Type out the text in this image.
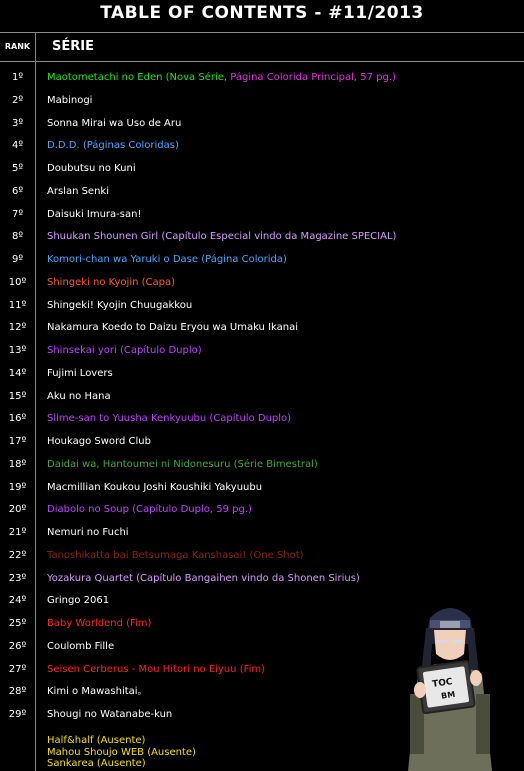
TABLE OF CONTENTS - #11/2013
RANK	SÉRIE
1º	Maotometachi no Eden (Nova Série, Página Colorida Principal, 57 pg.)
2º	Mabinogi
3º	Sonna Mirai wa Uso de Aru
4º	D.D.D. (Páginas Coloridas)
5º	Doubutsu no Kuni
6º	Arslan Senki
7º	Daisuki Imura-san!
8º	Shuukan Shounen Girl (Capítulo Especial vindo da Magazine SPECIAL)
9º	Komori-chan wa Yaruki o Dase (Página Colorida)
10º	Shingeki no Kyojin (Capa)
11º	Shingeki! Kyojin Chuugakkou
12º	Nakamura Koedo to Daizu Eryou wa Umaku Ikanai
13º	Shinsekai yori (Capítulo Duplo)
14º	Fujimi Lovers
15º	Aku no Hana
16º	Slime-san to Yuusha Kenkyuubu (Capítulo Duplo)
17º	Houkago Sword Club
18º	Daidai wa, Hantoumei ni Nidonesuru (Série Bimestral)
19º	Macmillian Koukou Joshi Koushiki Yakyuubu
20º	Diabolo no Soup (Capítulo Duplo, 59 pg.)
21º	Nemuri no Fuchi
22º	Tanoshikatta bai Betsumaga Kanshasai! (One Shot)
23º	Yozakura Quartet (Capítulo Bangaihen vindo da Shonen Sirius)
24º	Gringo 2061
25º	Baby Worldend (Fim)
26º	Coulomb Fille
27º	Seisen Cerberus - Mou Hitori no Eiyuu (Fim)
28º	Kimi o Mawashitai。
29º	Shougi no Watanabe-kun
Half&half (Ausente)
Mahou Shoujo WEB (Ausente)
Sankarea (Ausente)
TOC
BM
